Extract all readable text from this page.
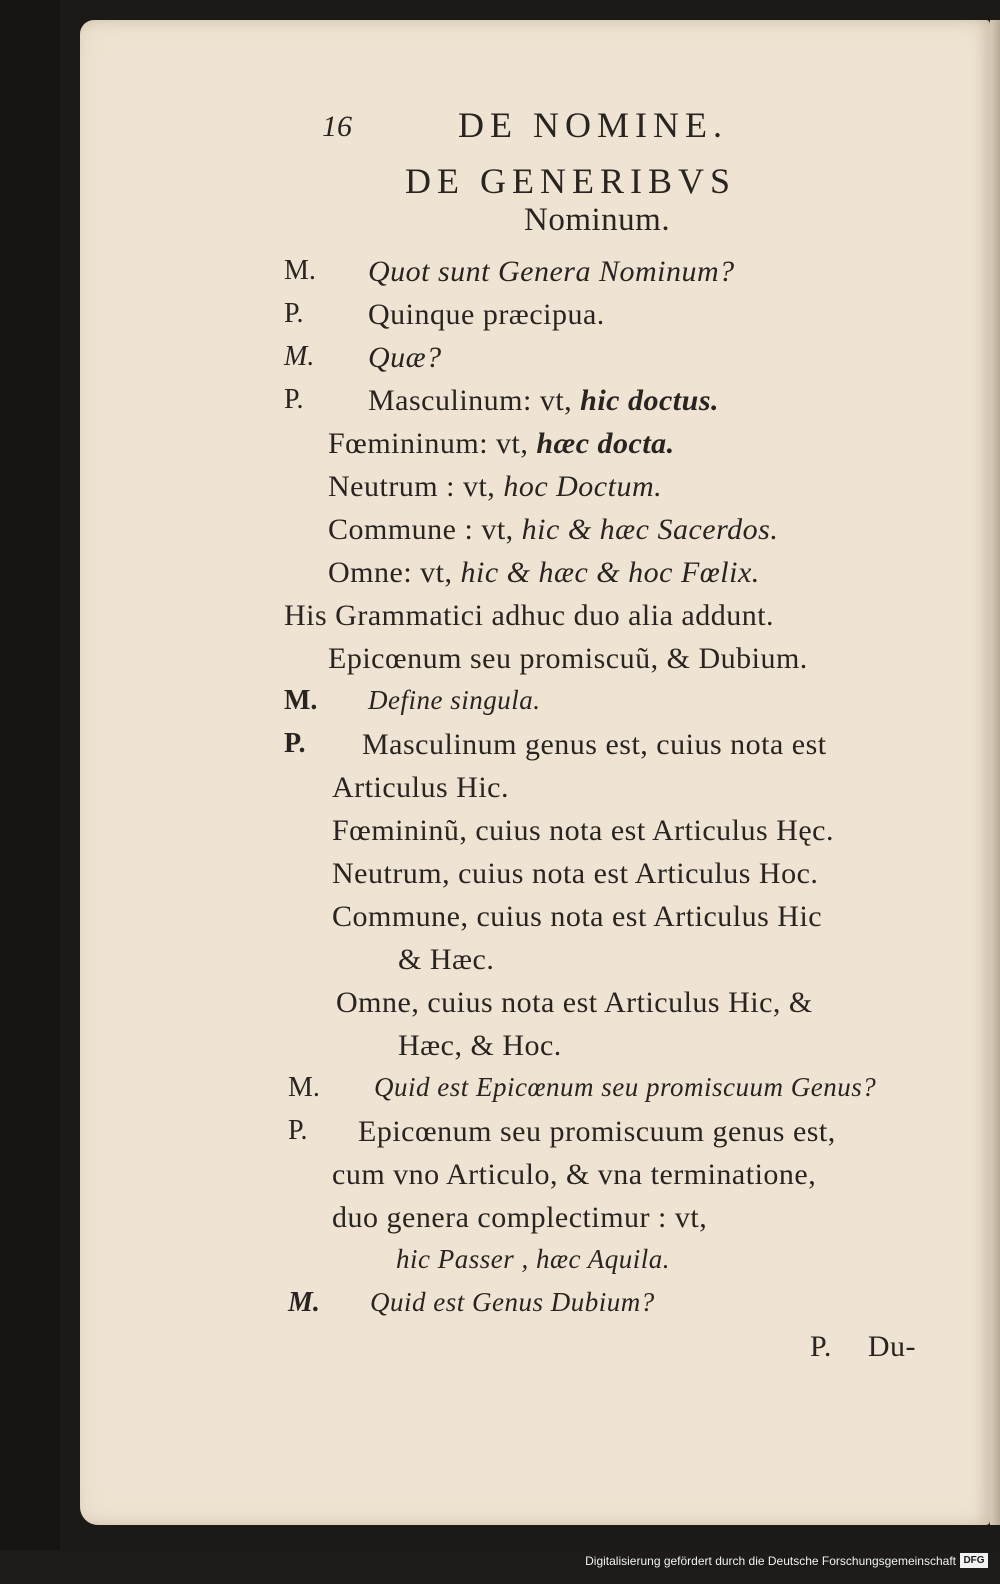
16	DE NOMINE.
DE GENERIBVS
Nominum.
M. Quot sunt Genera Nominum?
P. Quinque præcipua.
M. Quæ?
P. Masculinum: vt, hic doctus.
Fœmininum: vt, hæc docta.
Neutrum : vt, hoc Doctum.
Commune : vt, hic & hæc Sacerdos.
Omne: vt, hic & hæc & hoc Fœlix.
His Grammatici adhuc duo alia addunt.
Epicœnum seu promiscuũ, & Dubium.
M. Define singula.
P. Masculinum genus est, cuius nota est
Articulus Hic.
Fœmininũ, cuius nota est Articulus Hęc.
Neutrum, cuius nota est Articulus Hoc.
Commune, cuius nota est Articulus Hic
& Hæc.
Omne, cuius nota est Articulus Hic, &
Hæc, & Hoc.
M. Quid est Epicœnum seu promiscuum Genus?
P. Epicœnum seu promiscuum genus est,
cum vno Articulo, & vna terminatione,
duo genera complectimur : vt,
hic Passer , hæc Aquila.
M. Quid est Genus Dubium?
P. Du-
Digitalisierung gefördert durch die Deutsche Forschungsgemeinschaft DFG
